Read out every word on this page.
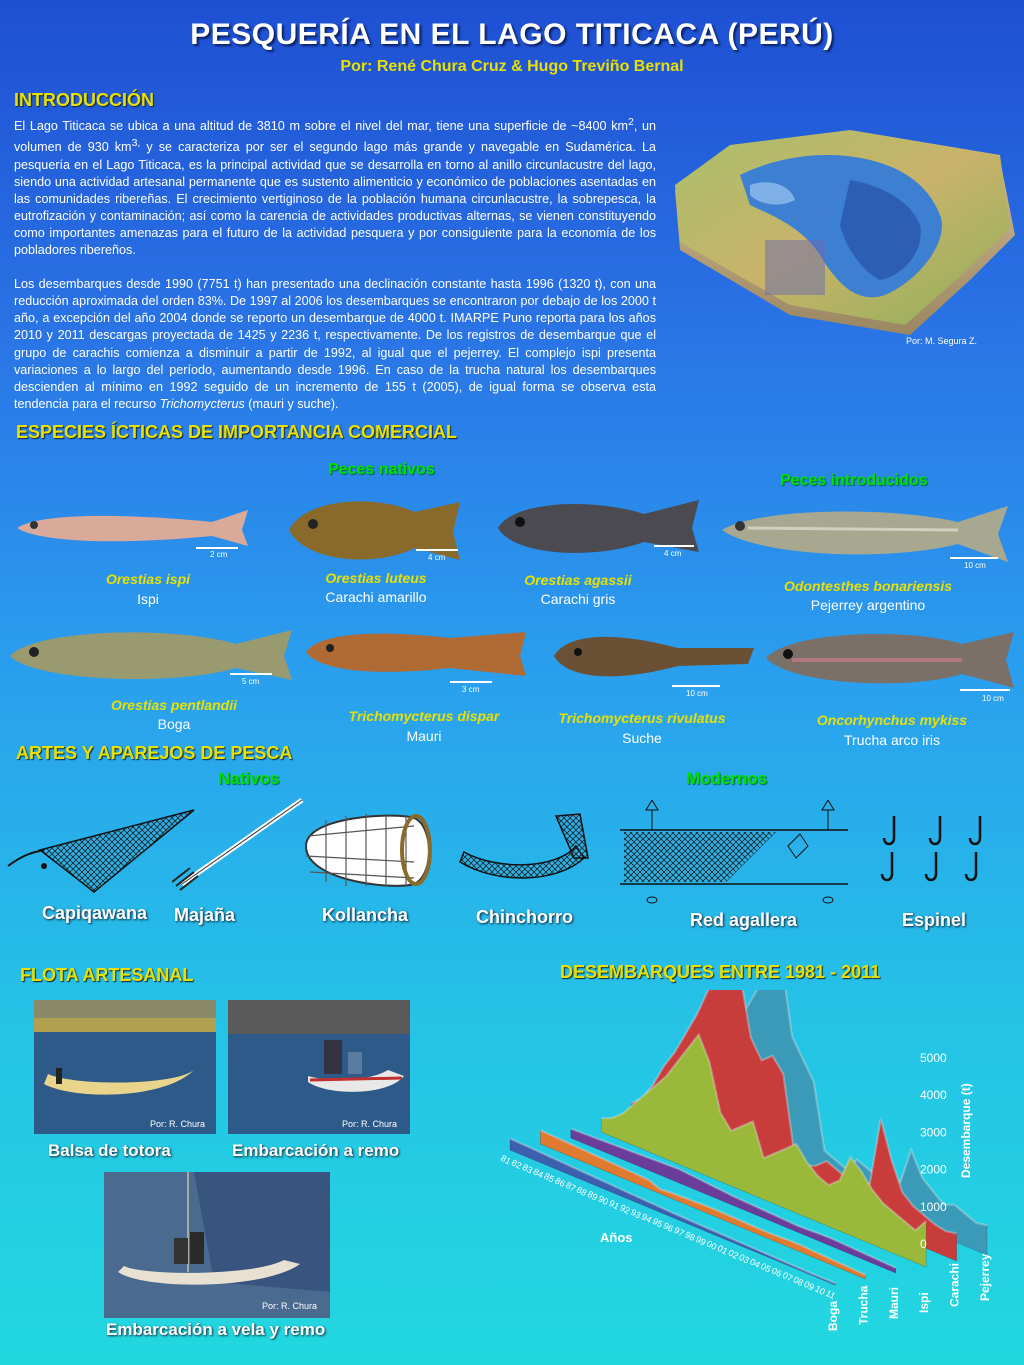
PESQUERÍA EN EL LAGO TITICACA (PERÚ)
Por: René Chura Cruz & Hugo Treviño Bernal
INTRODUCCIÓN

El Lago Titicaca se ubica a una altitud de 3810 m sobre el nivel del mar, tiene una superficie de ~8400 $km^2$, un volumen de 930 $km^{3,}$ y se caracteriza por ser el segundo lago más grande y navegable en Sudamérica. La pesquería en el Lago Titicaca, es la principal actividad que se desarrolla en torno al anillo circunlacustre del lago, siendo una actividad artesanal permanente que es sustento alimenticio y económico de poblaciones asentadas en las comunidades ribereñas. El crecimiento vertiginoso de la población humana circunlacustre, la sobrepesca, la eutrofización y contaminación; así como la carencia de actividades productivas alternas, se vienen constituyendo como importantes amenazas para el futuro de la actividad pesquera y por consiguiente para la economía de los pobladores ribereños.

Los desembarques desde 1990 (7751 t) han presentado una declinación constante hasta 1996 (1320 t), con una reducción aproximada del orden 83%. De 1997 al 2006 los desembarques se encontraron por debajo de los 2000 t año, a excepción del año 2004 donde se reporto un desembarque de 4000 t. IMARPE Puno reporta para los años 2010 y 2011 descargas proyectada de 1425 y 2236 t, respectivamente. De los registros de desembarque que el grupo de carachis comienza a disminuir a partir de 1992, al igual que el pejerrey. El complejo ispi presenta variaciones a lo largo del período, aumentando desde 1996. En caso de la trucha natural los desembarques descienden al mínimo en 1992 seguido de un incremento de 155 t (2005), de igual forma se observa esta tendencia para el recurso Trichomycterus (mauri y suche).

Por: M. Segura Z.
ESPECIES ÍCTICAS DE IMPORTANCIA COMERCIAL
Peces nativos
Peces introducidos
2 cm	4 cm	4 cm
10 cm
Orestias ispi
Ispi
Orestias luteus
Carachi amarillo
Orestias agassii
Carachi gris
Odontesthes bonariensis
Pejerrey argentino
5 cm
3 cm	10 cm
10 cm
Orestias pentlandii
Boga	Trichomycterus dispar
Mauri
Trichomycterus rivulatus
Suche
Oncorhynchus mykiss
Trucha arco iris
ARTES Y APAREJOS DE PESCA
Nativos	Modernos
Capiqawana Majaña	Kollancha	Chinchorro	Red agallera	Espinel
FLOTA ARTESANAL
Por: R. Chura
Balsa de totora
Por: R. Chura
Embarcación a remo
Por: R. Chura
Embarcación a vela y remo
DESEMBARQUES ENTRE 1981 - 2011
Pejerrey
Carachi
Ispi
Mauri
Trucha
Boga
81
82
83
84
85
86
87
88
89
90
91
92
93
94
95
96
97
98
99
00
01
02
03
04
05
06
07
08
09
10
11
Años	0
1000
2000
3000
4000
5000
Desembarque (t)
